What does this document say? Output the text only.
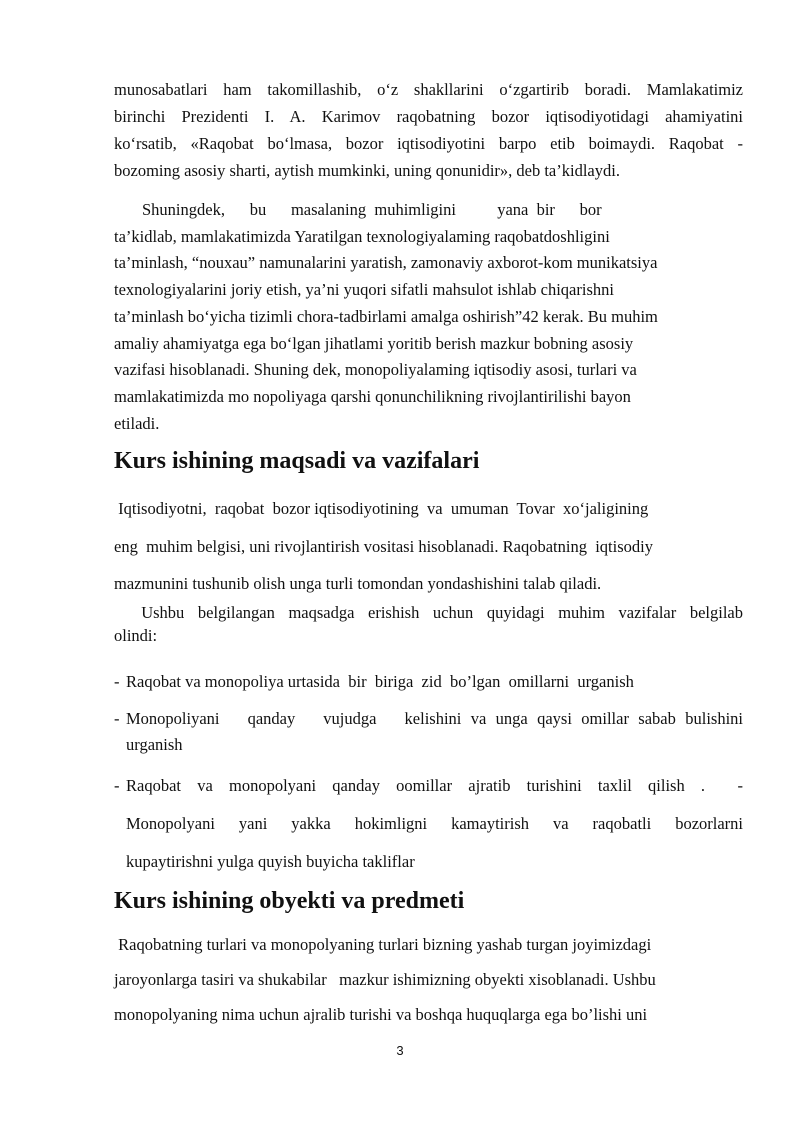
munosabatlari ham takomillashib, o‘z shakllarini o‘zgartirib boradi. Mamlakatimiz
birinchi Prezidenti I. A. Karimov raqobatning bozor iqtisodiyotidagi ahamiyatini
ko‘rsatib, «Raqobat bo‘lmasa, bozor iqtisodiyotini barpo etib boimaydi. Raqobat -
bozoming asosiy sharti, aytish mumkinki, uning qonunidir», deb ta’kidlaydi.
Shuningdek,      bu      masalaning  muhimligini          yana  bir      bor
ta’kidlab, mamlakatimizda Yaratilgan texnologiyalaming raqobatdoshligini
ta’minlash, “nouxau” namunalarini yaratish, zamonaviy axborot-kom munikatsiya
texnologiyalarini joriy etish, ya’ni yuqori sifatli mahsulot ishlab chiqarishni
ta’minlash bo‘yicha tizimli chora-tadbirlami amalga oshirish”42 kerak. Bu muhim
amaliy ahamiyatga ega bo‘lgan jihatlami yoritib berish mazkur bobning asosiy
vazifasi hisoblanadi. Shuning dek, monopoliyalaming iqtisodiy asosi, turlari va
mamlakatimizda mo nopoliyaga qarshi qonunchilikning rivojlantirilishi bayon
etiladi.
Kurs ishining maqsadi va vazifalari
Iqtisodiyotni,  raqobat  bozor iqtisodiyotining  va  umuman  Tovar  xo‘jaligining
eng  muhim belgisi, uni rivojlantirish vositasi hisoblanadi. Raqobatning  iqtisodiy
mazmunini tushunib olish unga turli tomondan yondashishini talab qiladi.
Ushbu belgilangan maqsadga erishish uchun quyidagi muhim vazifalar belgilab
olindi:
- Raqobat va monopoliya urtasida  bir  biriga  zid  bo’lgan  omillarni  urganish
- Monopoliyani   qanday   vujudga   kelishini va unga qaysi omillar sabab bulishini
urganish
- Raqobat  va  monopolyani  qanday  oomillar  ajratib  turishini  taxlil  qilish  .    -
Monopolyani   yani   yakka   hokimligni   kamaytirish   va   raqobatli   bozorlarni
kupaytirishni yulga quyish buyicha takliflar
Kurs ishining obyekti va predmeti
Raqobatning turlari va monopolyaning turlari bizning yashab turgan joyimizdagi
jaroyonlarga tasiri va shukabilar   mazkur ishimizning obyekti xisoblanadi. Ushbu
monopolyaning nima uchun ajralib turishi va boshqa huquqlarga ega bo’lishi uni
3
